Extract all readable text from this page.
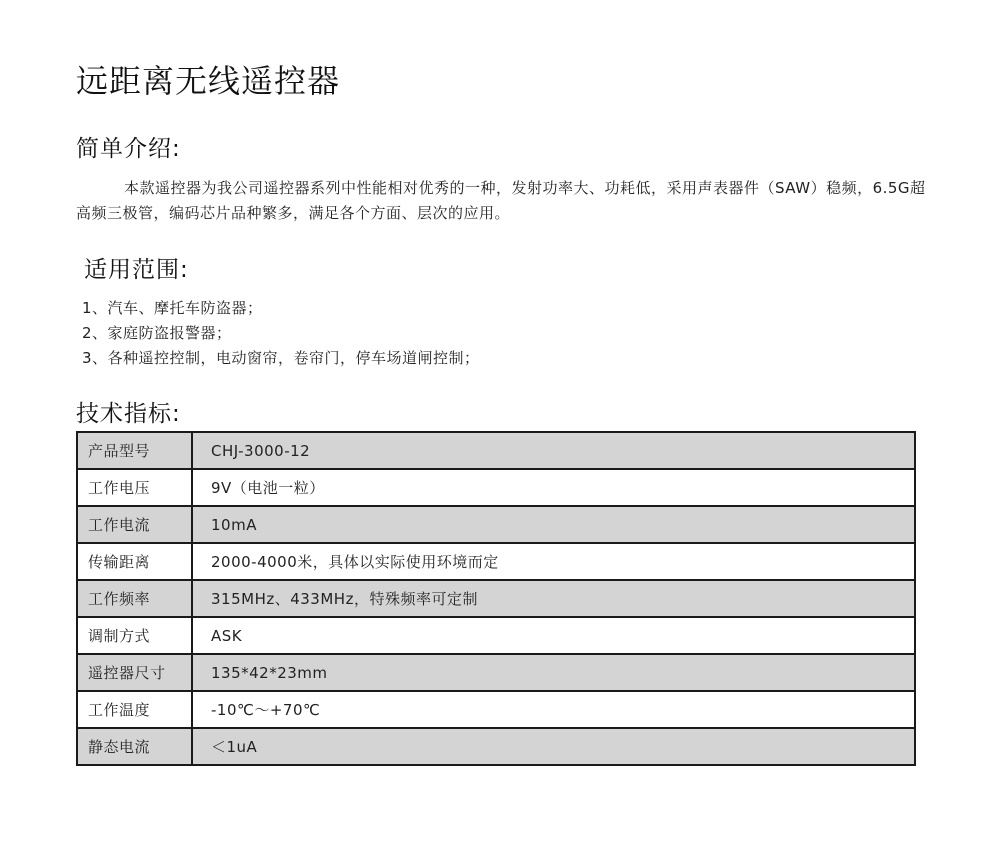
远距离无线遥控器
简单介绍:

本款遥控器为我公司遥控器系列中性能相对优秀的一种，发射功率大、功耗低，采用声表器件（SAW）稳频，6.5G超高频三极管，编码芯片品种繁多，满足各个方面、层次的应用。

适用范围:
1、汽车、摩托车防盗器；
2、家庭防盗报警器；
3、各种遥控控制，电动窗帘，卷帘门，停车场道闸控制；
技术指标:
产品型号	CHJ-3000-12
工作电压	9V（电池一粒）
工作电流	10mA
传输距离	2000-4000米，具体以实际使用环境而定
工作频率	315MHz、433MHz，特殊频率可定制
调制方式	ASK
遥控器尺寸	135*42*23mm
工作温度	-10℃～+70℃
静态电流	＜1uA
